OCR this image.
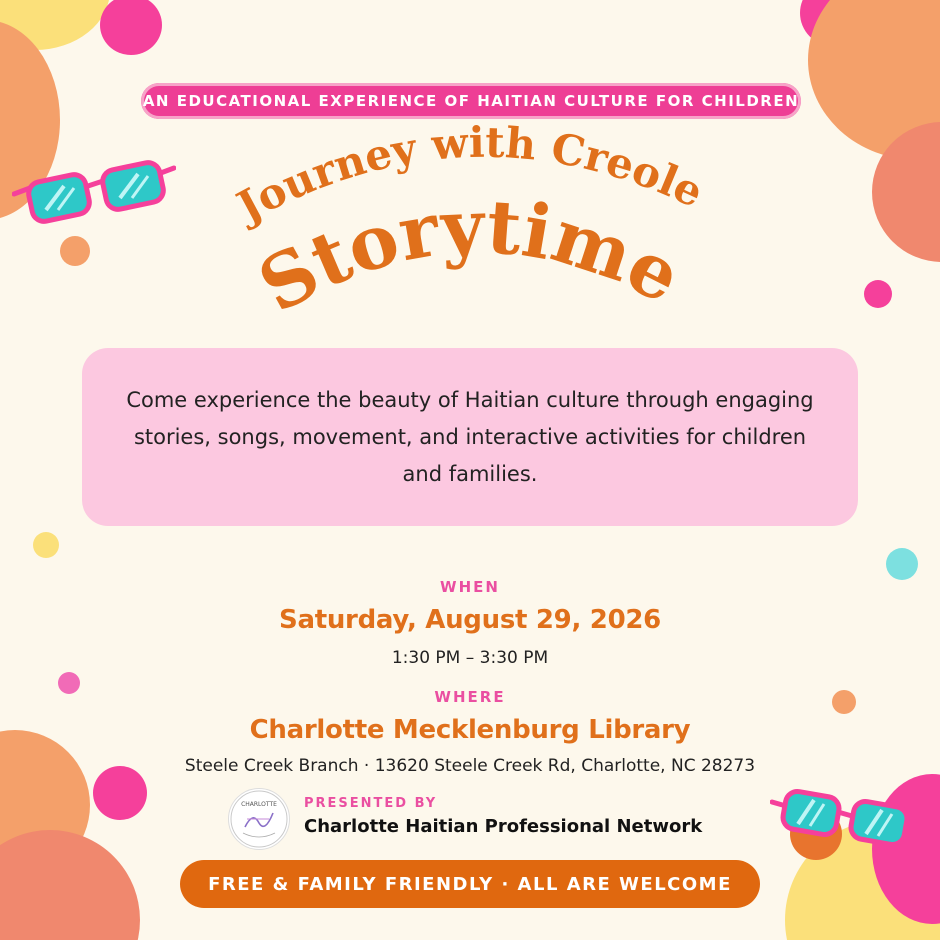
AN EDUCATIONAL EXPERIENCE OF HAITIAN CULTURE FOR CHILDREN
Journey with Creole
Storytime
Come experience the beauty of Haitian culture through engaging stories, songs, movement, and interactive activities for children and families.
WHEN
Saturday, August 29, 2026
1:30 PM – 3:30 PM
WHERE
Charlotte Mecklenburg Library
Steele Creek Branch · 13620 Steele Creek Rd, Charlotte, NC 28273
CHARLOTTE PRESENTED BY
Charlotte Haitian Professional Network
FREE & FAMILY FRIENDLY · ALL ARE WELCOME
